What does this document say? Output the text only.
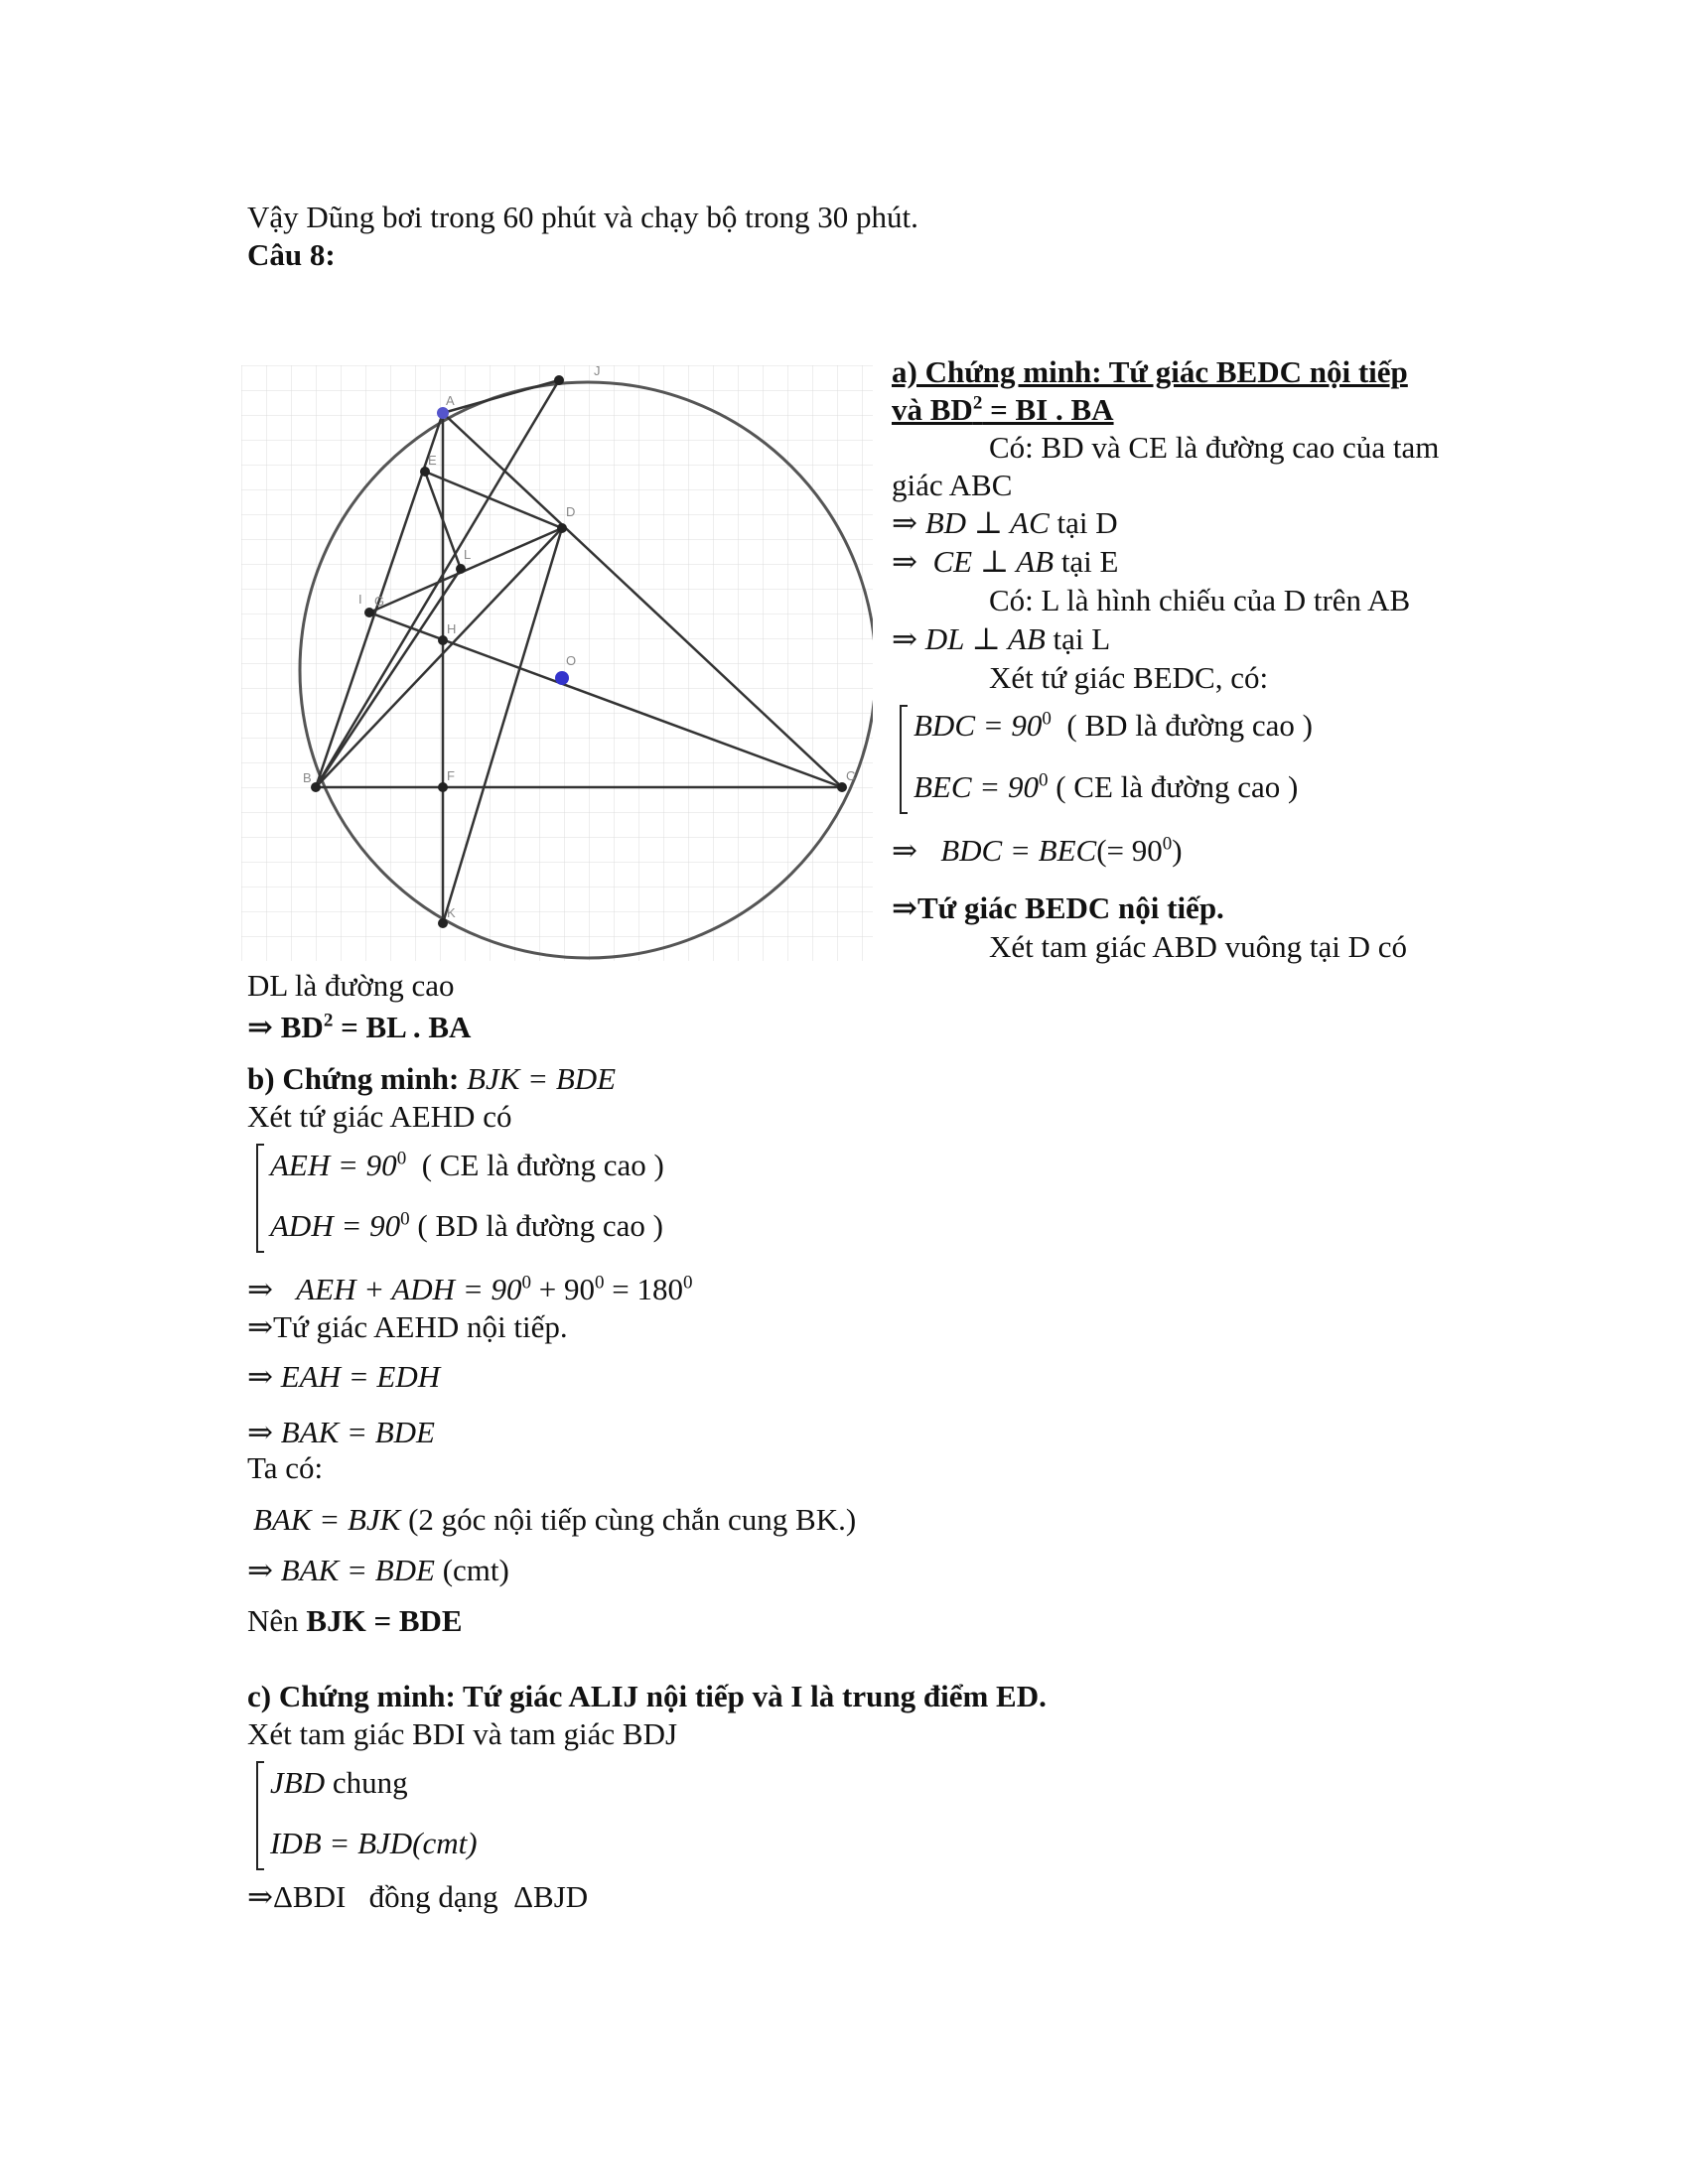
Vậy Dũng bơi trong 60 phút và chạy bộ trong 30 phút.
Câu 8:
A
J
E
D
L
I G
H
O
B	F	C
K
a) Chứng minh: Tứ giác BEDC nội tiếp
và $BD^2$ = BI . BA
Có: BD và CE là đường cao của tam
giác ABC
⇒ BD ⊥ AC tại D
⇒ CE ⊥ AB tại E
Có: L là hình chiếu của D trên AB
⇒ DL ⊥ AB tại L
Xét tứ giác BEDC, có:
BDC = $90^0$ ( BD là đường cao )
BEC = $90^0$ ( CE là đường cao )
⇒ BDC = $BEC(= 90^0)$
⇒Tứ giác BEDC nội tiếp.
Xét tam giác ABD vuông tại D có
DL là đường cao
⇒ $BD^2$ = BL . BA
b) Chứng minh: BJK = BDE
Xét tứ giác AEHD có
AEH = $90^0$ ( CE là đường cao )
ADH = $90^0$ ( BD là đường cao )
⇒ AEH + ADH = $90^0 + 90^0 = 180^0$
⇒Tứ giác AEHD nội tiếp.
⇒ EAH = EDH
⇒ BAK = BDE
Ta có:
BAK = BJK (2 góc nội tiếp cùng chắn cung BK.)
⇒ BAK = BDE (cmt)
Nên BJK = BDE
c) Chứng minh: Tứ giác ALIJ nội tiếp và I là trung điểm ED.
Xét tam giác BDI và tam giác BDJ
JBD chung
IDB = BJD(cmt)
⇒ΔBDI đồng dạng ΔBJD
